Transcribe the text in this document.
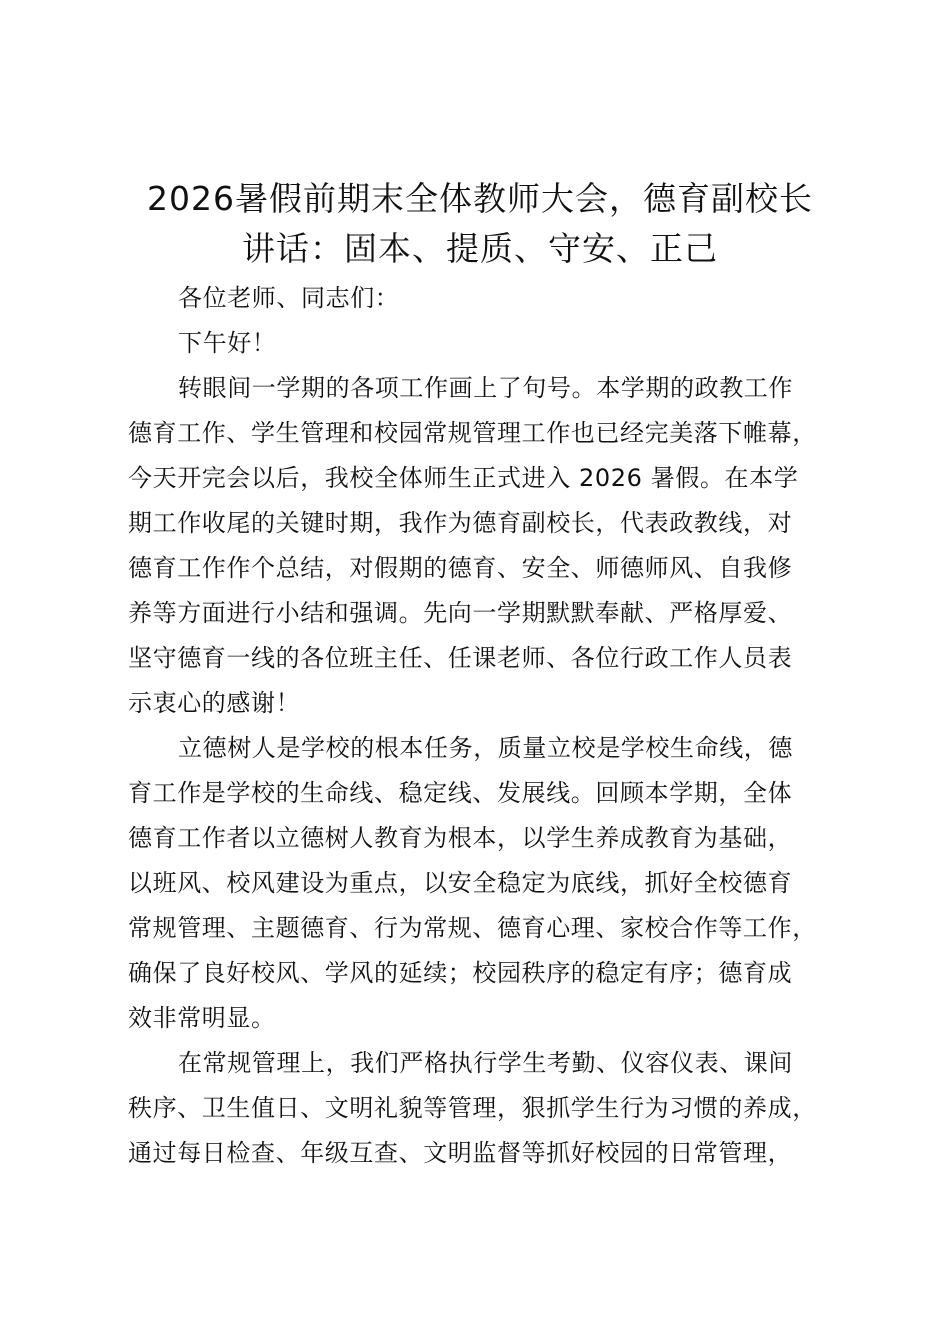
2026暑假前期末全体教师大会，德育副校长
讲话：固本、提质、守安、正己
各位老师、同志们：
下午好！
转眼间一学期的各项工作画上了句号。本学期的政教工作
德育工作、学生管理和校园常规管理工作也已经完美落下帷幕，
今天开完会以后，我校全体师生正式进入 2026 暑假。在本学
期工作收尾的关键时期，我作为德育副校长，代表政教线，对
德育工作作个总结，对假期的德育、安全、师德师风、自我修
养等方面进行小结和强调。先向一学期默默奉献、严格厚爱、
坚守德育一线的各位班主任、任课老师、各位行政工作人员表
示衷心的感谢！
立德树人是学校的根本任务，质量立校是学校生命线，德
育工作是学校的生命线、稳定线、发展线。回顾本学期，全体
德育工作者以立德树人教育为根本，以学生养成教育为基础，
以班风、校风建设为重点，以安全稳定为底线，抓好全校德育
常规管理、主题德育、行为常规、德育心理、家校合作等工作，
确保了良好校风、学风的延续；校园秩序的稳定有序；德育成
效非常明显。
在常规管理上，我们严格执行学生考勤、仪容仪表、课间
秩序、卫生值日、文明礼貌等管理，狠抓学生行为习惯的养成，
通过每日检查、年级互查、文明监督等抓好校园的日常管理，
